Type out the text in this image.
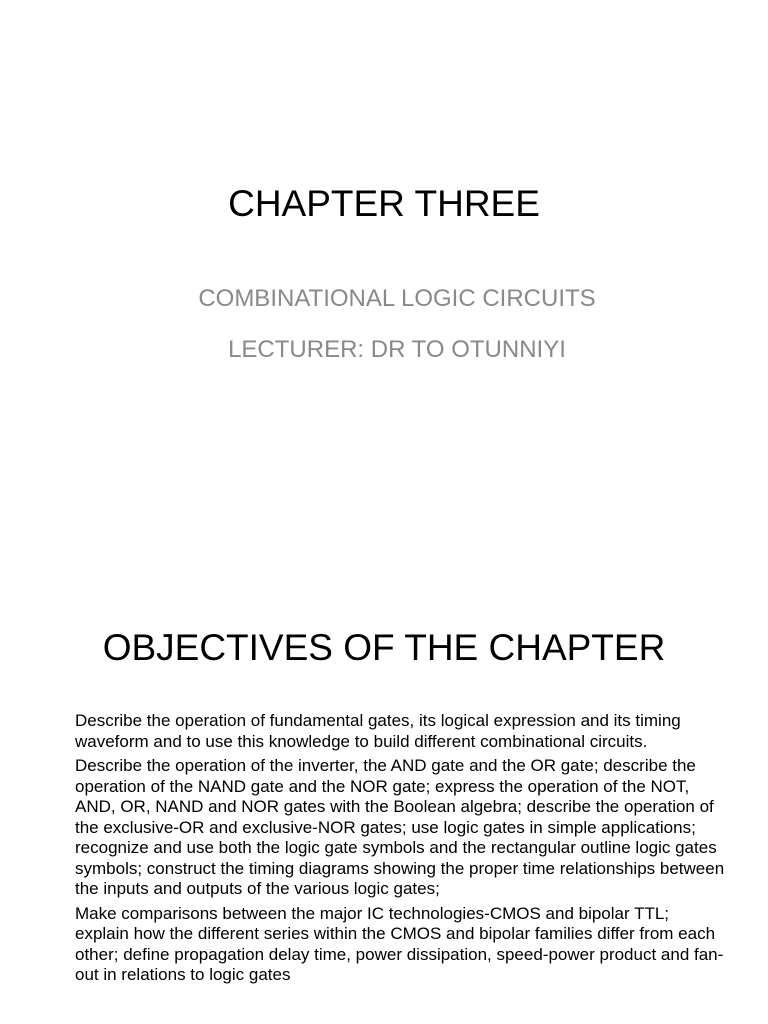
CHAPTER THREE
COMBINATIONAL LOGIC CIRCUITS
LECTURER: DR TO OTUNNIYI
OBJECTIVES OF THE CHAPTER
Describe the operation of fundamental gates, its logical expression and its timing waveform and to use this knowledge to build different combinational circuits.
Describe the operation of the inverter, the AND gate and the OR gate; describe the operation of the NAND gate and the NOR gate; express the operation of the NOT, AND, OR, NAND and NOR gates with the Boolean algebra; describe the operation of the exclusive-OR and exclusive-NOR gates; use logic gates in simple applications; recognize and use both the logic gate symbols and the rectangular outline logic gates symbols; construct the timing diagrams showing the proper time relationships between the inputs and outputs of the various logic gates;
Make comparisons between the major IC technologies-CMOS and bipolar TTL; explain how the different series within the CMOS and bipolar families differ from each other; define propagation delay time, power dissipation, speed-power product and fan-out in relations to logic gates
